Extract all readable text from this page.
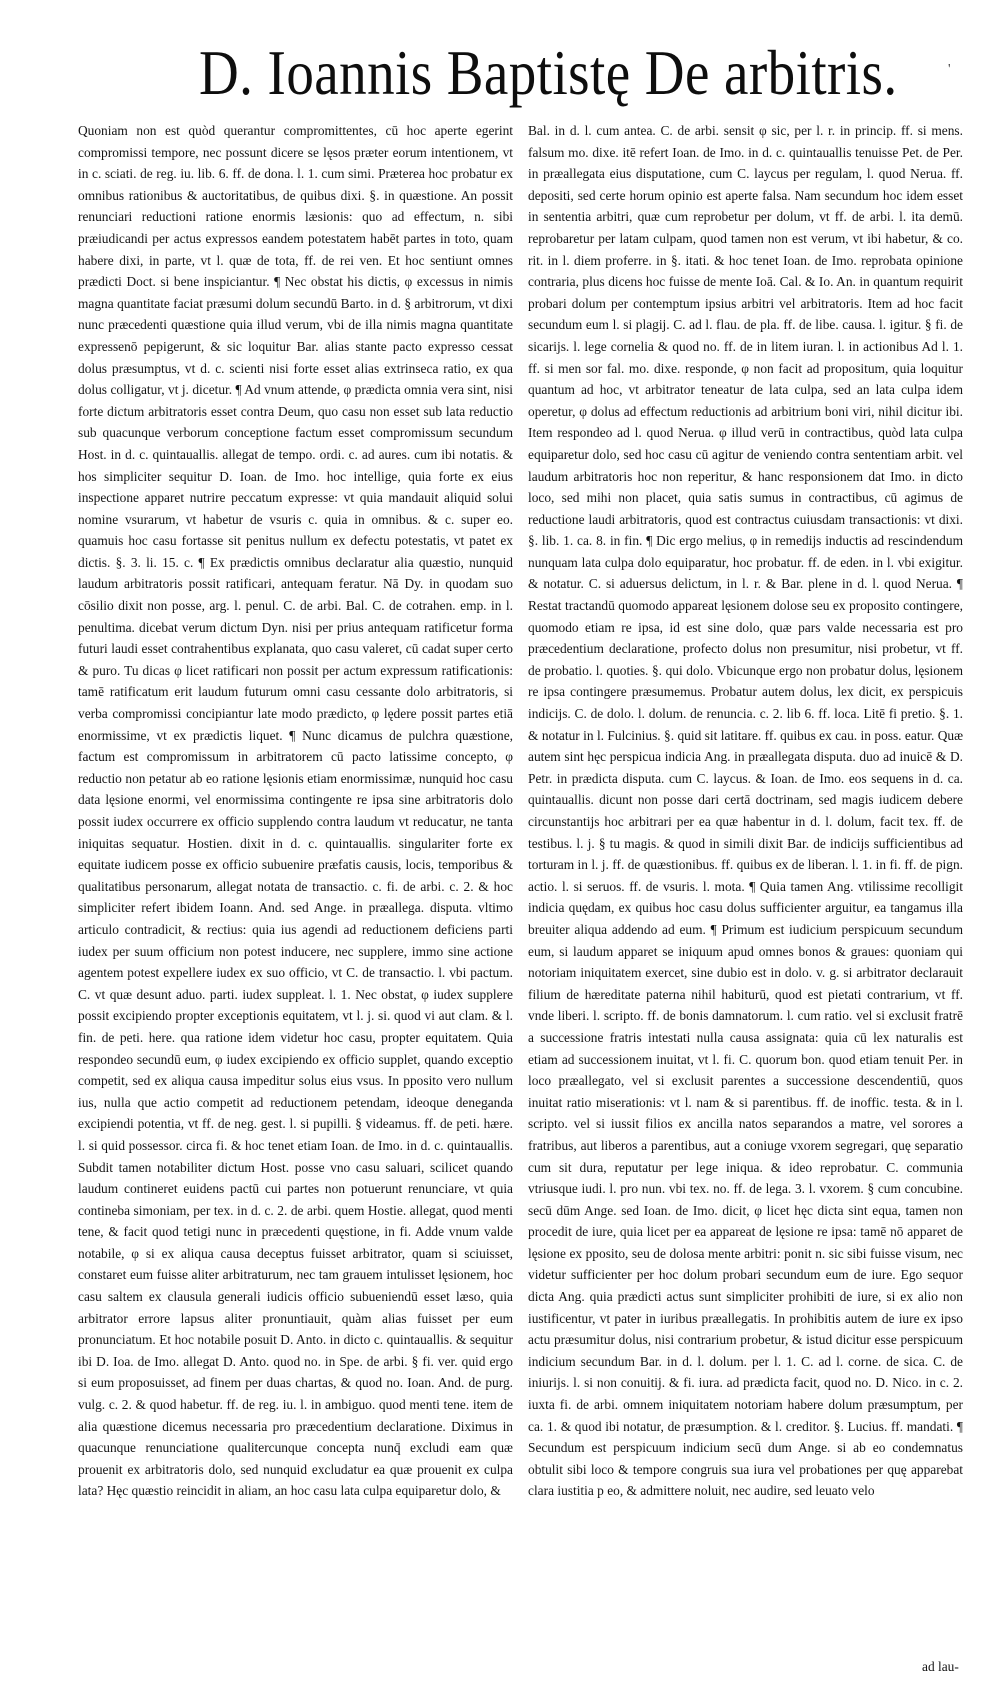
D. Ioannis Baptistę De arbitris.	'

Quoniam non est quòd querantur compromittentes, cū hoc aperte egerint compromissi tempore, nec possunt dicere se lęsos præter eorum intentionem, vt in c. sciati. de reg. iu. lib. 6. ff. de dona. l. 1. cum simi. Præterea hoc probatur ex omnibus rationibus & auctoritatibus, de quibus dixi. §. in quæstione. An possit renunciari reductioni ratione enormis læsionis: quo ad effectum, n. sibi præiudicandi per actus expressos eandem potestatem habēt partes in toto, quam habere dixi, in parte, vt l. quæ de tota, ff. de rei ven. Et hoc sentiunt omnes prædicti Doct. si bene inspiciantur. ¶ Nec obstat his dictis, φ excessus in nimis magna quantitate faciat præsumi dolum secundū Barto. in d. § arbitrorum, vt dixi nunc præcedenti quæstione quia illud verum, vbi de illa nimis magna quantitate expressenō pepigerunt, & sic loquitur Bar. alias stante pacto expresso cessat dolus præsumptus, vt d. c. scienti nisi forte esset alias extrinseca ratio, ex qua dolus colligatur, vt j. dicetur. ¶ Ad vnum attende, φ prædicta omnia vera sint, nisi forte dictum arbitratoris esset contra Deum, quo casu non esset sub lata reductio sub quacunque verborum conceptione factum esset compromissum secundum Host. in d. c. quintauallis. allegat de tempo. ordi. c. ad aures. cum ibi notatis. & hos simpliciter sequitur D. Ioan. de Imo. hoc intellige, quia forte ex eius inspectione apparet nutrire peccatum expresse: vt quia mandauit aliquid solui nomine vsurarum, vt habetur de vsuris c. quia in omnibus. & c. super eo. quamuis hoc casu fortasse sit penitus nullum ex defectu potestatis, vt patet ex dictis. §. 3. li. 15. c. ¶ Ex prædictis omnibus declaratur alia quæstio, nunquid laudum arbitratoris possit ratificari, antequam feratur. Nā Dy. in quodam suo cōsilio dixit non posse, arg. l. penul. C. de arbi. Bal. C. de cotrahen. emp. in l. penultima. dicebat verum dictum Dyn. nisi per prius antequam ratificetur forma futuri laudi esset contrahentibus explanata, quo casu valeret, cū cadat super certo & puro. Tu dicas φ licet ratificari non possit per actum expressum ratificationis: tamē ratificatum erit laudum futurum omni casu cessante dolo arbitratoris, si verba compromissi concipiantur late modo prædicto, φ lędere possit partes etiā enormissime, vt ex prædictis liquet. ¶ Nunc dicamus de pulchra quæstione, factum est compromissum in arbitratorem cū pacto latissime concepto, φ reductio non petatur ab eo ratione lęsionis etiam enormissimæ, nunquid hoc casu data lęsione enormi, vel enormissima contingente re ipsa sine arbitratoris dolo possit iudex occurrere ex officio supplendo contra laudum vt reducatur, ne tanta iniquitas sequatur. Hostien. dixit in d. c. quintauallis. singulariter forte ex equitate iudicem posse ex officio subuenire præfatis causis, locis, temporibus & qualitatibus personarum, allegat notata de transactio. c. fi. de arbi. c. 2. & hoc simpliciter refert ibidem Ioann. And. sed Ange. in præallega. disputa. vltimo articulo contradicit, & rectius: quia ius agendi ad reductionem deficiens parti iudex per suum officium non potest inducere, nec supplere, immo sine actione agentem potest expellere iudex ex suo officio, vt C. de transactio. l. vbi pactum. C. vt quæ desunt aduo. parti. iudex suppleat. l. 1. Nec obstat, φ iudex supplere possit excipiendo propter exceptionis equitatem, vt l. j. si. quod vi aut clam. & l. fin. de peti. here. qua ratione idem videtur hoc casu, propter equitatem. Quia respondeo secundū eum, φ iudex excipiendo ex officio supplet, quando exceptio competit, sed ex aliqua causa impeditur solus eius vsus. In pposito vero nullum ius, nulla que actio competit ad reductionem petendam, ideoque deneganda excipiendi potentia, vt ff. de neg. gest. l. si pupilli. § videamus. ff. de peti. hære. l. si quid possessor. circa fi. & hoc tenet etiam Ioan. de Imo. in d. c. quintauallis. Subdit tamen notabiliter dictum Host. posse vno casu saluari, scilicet quando laudum contineret euidens pactū cui partes non potuerunt renunciare, vt quia contineba simoniam, per tex. in d. c. 2. de arbi. quem Hostie. allegat, quod menti tene, & facit quod tetigi nunc in præcedenti quęstione, in fi. Adde vnum valde notabile, φ si ex aliqua causa deceptus fuisset arbitrator, quam si sciuisset, constaret eum fuisse aliter arbitraturum, nec tam grauem intulisset lęsionem, hoc casu saltem ex clausula generali iudicis officio subueniendū esset læso, quia arbitrator errore lapsus aliter pronuntiauit, quàm alias fuisset per eum pronunciatum. Et hoc notabile posuit D. Anto. in dicto c. quintauallis. & sequitur ibi D. Ioa. de Imo. allegat D. Anto. quod no. in Spe. de arbi. § fi. ver. quid ergo si eum proposuisset, ad finem per duas chartas, & quod no. Ioan. And. de purg. vulg. c. 2. & quod habetur. ff. de reg. iu. l. in ambiguo. quod menti tene. item de alia quæstione dicemus necessaria pro præcedentium declaratione. Diximus in quacunque renunciatione qualitercunque concepta nunq̄ excludi eam quæ prouenit ex arbitratoris dolo, sed nunquid excludatur ea quæ prouenit ex culpa lata? Hęc quæstio reincidit in aliam, an hoc casu lata culpa equiparetur dolo, &

Bal. in d. l. cum antea. C. de arbi. sensit φ sic, per l. r. in princip. ff. si mens. falsum mo. dixe. itē refert Ioan. de Imo. in d. c. quintauallis tenuisse Pet. de Per. in præallegata eius disputatione, cum C. laycus per regulam, l. quod Nerua. ff. depositi, sed certe horum opinio est aperte falsa. Nam secundum hoc idem esset in sententia arbitri, quæ cum reprobetur per dolum, vt ff. de arbi. l. ita demū. reprobaretur per latam culpam, quod tamen non est verum, vt ibi habetur, & co. rit. in l. diem proferre. in §. itati. & hoc tenet Ioan. de Imo. reprobata opinione contraria, plus dicens hoc fuisse de mente Ioā. Cal. & Io. An. in quantum requirit probari dolum per contemptum ipsius arbitri vel arbitratoris. Item ad hoc facit secundum eum l. si plagij. C. ad l. flau. de pla. ff. de libe. causa. l. igitur. § fi. de sicarijs. l. lege cornelia & quod no. ff. de in litem iuran. l. in actionibus Ad l. 1. ff. si men sor fal. mo. dixe. responde, φ non facit ad propositum, quia loquitur quantum ad hoc, vt arbitrator teneatur de lata culpa, sed an lata culpa idem operetur, φ dolus ad effectum reductionis ad arbitrium boni viri, nihil dicitur ibi. Item respondeo ad l. quod Nerua. φ illud verū in contractibus, quòd lata culpa equiparetur dolo, sed hoc casu cū agitur de veniendo contra sententiam arbit. vel laudum arbitratoris hoc non reperitur, & hanc responsionem dat Imo. in dicto loco, sed mihi non placet, quia satis sumus in contractibus, cū agimus de reductione laudi arbitratoris, quod est contractus cuiusdam transactionis: vt dixi. §. lib. 1. ca. 8. in fin. ¶ Dic ergo melius, φ in remedijs inductis ad rescindendum nunquam lata culpa dolo equiparatur, hoc probatur. ff. de eden. in l. vbi exigitur. & notatur. C. si aduersus delictum, in l. r. & Bar. plene in d. l. quod Nerua. ¶ Restat tractandū quomodo appareat lęsionem dolose seu ex proposito contingere, quomodo etiam re ipsa, id est sine dolo, quæ pars valde necessaria est pro præcedentium declaratione, profecto dolus non presumitur, nisi probetur, vt ff. de probatio. l. quoties. §. qui dolo. Vbicunque ergo non probatur dolus, lęsionem re ipsa contingere præsumemus. Probatur autem dolus, lex dicit, ex perspicuis indicijs. C. de dolo. l. dolum. de renuncia. c. 2. lib 6. ff. loca. Litē fi pretio. §. 1. & notatur in l. Fulcinius. §. quid sit latitare. ff. quibus ex cau. in poss. eatur. Quæ autem sint hęc perspicua indicia Ang. in præallegata disputa. duo ad inuicē & D. Petr. in prædicta disputa. cum C. laycus. & Ioan. de Imo. eos sequens in d. ca. quintauallis. dicunt non posse dari certā doctrinam, sed magis iudicem debere circunstantijs hoc arbitrari per ea quæ habentur in d. l. dolum, facit tex. ff. de testibus. l. j. § tu magis. & quod in simili dixit Bar. de indicijs sufficientibus ad torturam in l. j. ff. de quæstionibus. ff. quibus ex de liberan. l. 1. in fi. ff. de pign. actio. l. si seruos. ff. de vsuris. l. mota. ¶ Quia tamen Ang. vtilissime recolligit indicia quędam, ex quibus hoc casu dolus sufficienter arguitur, ea tangamus illa breuiter aliqua addendo ad eum. ¶ Primum est iudicium perspicuum secundum eum, si laudum apparet se iniquum apud omnes bonos & graues: quoniam qui notoriam iniquitatem exercet, sine dubio est in dolo. v. g. si arbitrator declarauit filium de hæreditate paterna nihil habiturū, quod est pietati contrarium, vt ff. vnde liberi. l. scripto. ff. de bonis damnatorum. l. cum ratio. vel si exclusit fratrē a successione fratris intestati nulla causa assignata: quia cū lex naturalis est etiam ad successionem inuitat, vt l. fi. C. quorum bon. quod etiam tenuit Per. in loco præallegato, vel si exclusit parentes a successione descendentiū, quos inuitat ratio miserationis: vt l. nam & si parentibus. ff. de inoffic. testa. & in l. scripto. vel si iussit filios ex ancilla natos separandos a matre, vel sorores a fratribus, aut liberos a parentibus, aut a coniuge vxorem segregari, quę separatio cum sit dura, reputatur per lege iniqua. & ideo reprobatur. C. communia vtriusque iudi. l. pro nun. vbi tex. no. ff. de lega. 3. l. vxorem. § cum concubine. secū dūm Ange. sed Ioan. de Imo. dicit, φ licet hęc dicta sint equa, tamen non procedit de iure, quia licet per ea appareat de lęsione re ipsa: tamē nō apparet de lęsione ex pposito, seu de dolosa mente arbitri: ponit n. sic sibi fuisse visum, nec videtur sufficienter per hoc dolum probari secundum eum de iure. Ego sequor dicta Ang. quia prædicti actus sunt simpliciter prohibiti de iure, si ex alio non iustificentur, vt pater in iuribus præallegatis. In prohibitis autem de iure ex ipso actu præsumitur dolus, nisi contrarium probetur, & istud dicitur esse perspicuum indicium secundum Bar. in d. l. dolum. per l. 1. C. ad l. corne. de sica. C. de iniurijs. l. si non conuitij. & fi. iura. ad prædicta facit, quod no. D. Nico. in c. 2. iuxta fi. de arbi. omnem iniquitatem notoriam habere dolum præsumptum, per ca. 1. & quod ibi notatur, de præsumption. & l. creditor. §. Lucius. ff. mandati. ¶ Secundum est perspicuum indicium secū dum Ange. si ab eo condemnatus obtulit sibi loco & tempore congruis sua iura vel probationes per quę apparebat clara iustitia p eo, & admittere noluit, nec audire, sed leuato velo

ad lau-
